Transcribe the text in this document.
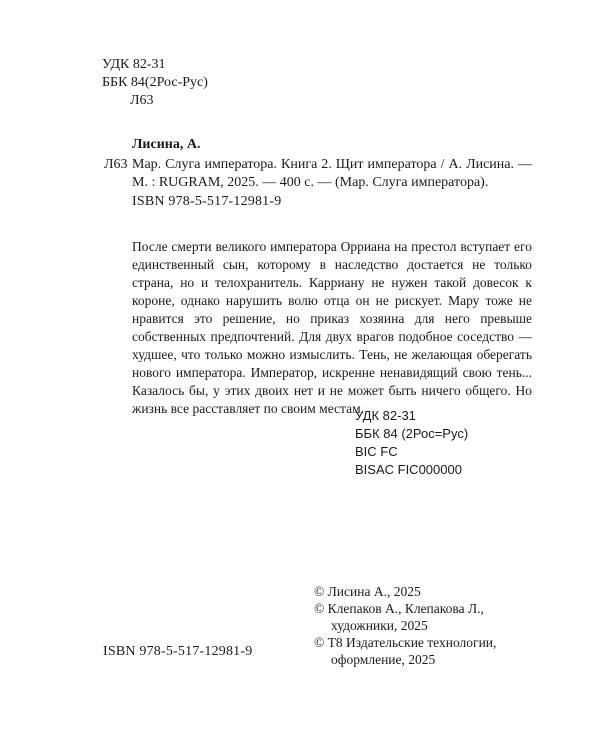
УДК 82-31
ББК 84(2Рос-Рус)
Л63
Лисина, А.
Л63 Мар. Слуга императора. Книга 2. Щит императора / А. Лисина. — М. : RUGRAM, 2025. — 400 с. — (Мар. Слуга императора).
ISBN 978-5-517-12981-9
После смерти великого императора Орриана на престол вступает его единственный сын, которому в наследство достается не только страна, но и телохранитель. Карриану не нужен такой довесок к короне, однако нарушить волю отца он не рискует. Мару тоже не нравится это решение, но приказ хозяина для него превыше собственных предпочтений. Для двух врагов подобное соседство — худшее, что только можно измыслить. Тень, не желающая оберегать нового императора. Император, искренне ненавидящий свою тень... Казалось бы, у этих двоих нет и не может быть ничего общего. Но жизнь все расставляет по своим местам.
УДК 82-31
ББК 84 (2Рос=Рус)
BIC FC
BISAC FIC000000
© Лисина А., 2025
© Клепаков А., Клепакова Л.,
художники, 2025
© Т8 Издательские технологии,
оформление, 2025
ISBN 978-5-517-12981-9
